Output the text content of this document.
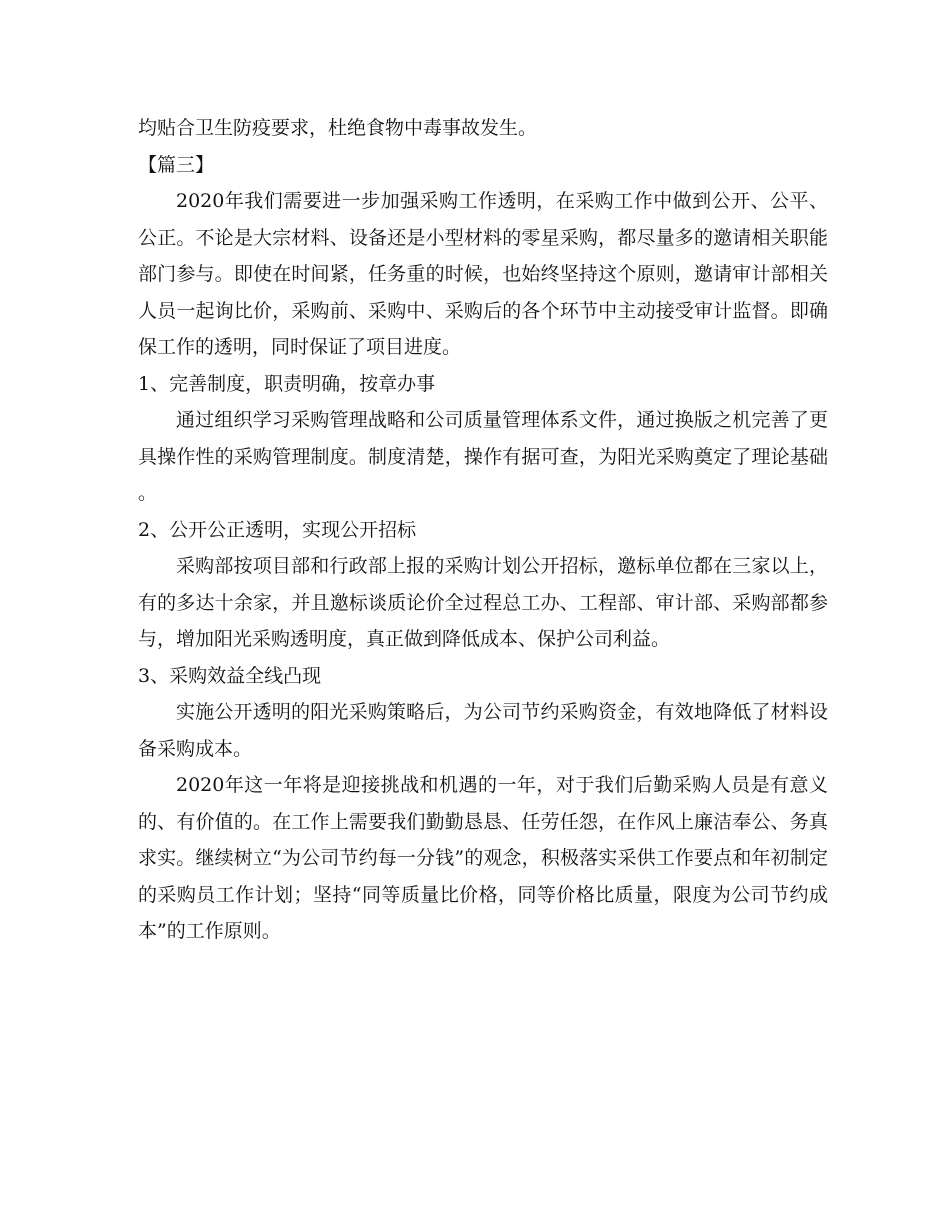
均贴合卫生防疫要求，杜绝食物中毒事故发生。

【篇三】

2020年我们需要进一步加强采购工作透明，在采购工作中做到公开、公平、公正。不论是大宗材料、设备还是小型材料的零星采购，都尽量多的邀请相关职能部门参与。即使在时间紧，任务重的时候，也始终坚持这个原则，邀请审计部相关人员一起询比价，采购前、采购中、采购后的各个环节中主动接受审计监督。即确保工作的透明，同时保证了项目进度。

1、完善制度，职责明确，按章办事

通过组织学习采购管理战略和公司质量管理体系文件，通过换版之机完善了更具操作性的采购管理制度。制度清楚，操作有据可查，为阳光采购奠定了理论基础。

2、公开公正透明，实现公开招标

采购部按项目部和行政部上报的采购计划公开招标，邀标单位都在三家以上，有的多达十余家，并且邀标谈质论价全过程总工办、工程部、审计部、采购部都参与，增加阳光采购透明度，真正做到降低成本、保护公司利益。

3、采购效益全线凸现

实施公开透明的阳光采购策略后，为公司节约采购资金，有效地降低了材料设备采购成本。

2020年这一年将是迎接挑战和机遇的一年，对于我们后勤采购人员是有意义的、有价值的。在工作上需要我们勤勤恳恳、任劳任怨，在作风上廉洁奉公、务真求实。继续树立“为公司节约每一分钱”的观念，积极落实采供工作要点和年初制定的采购员工作计划；坚持“同等质量比价格，同等价格比质量，限度为公司节约成本”的工作原则。
